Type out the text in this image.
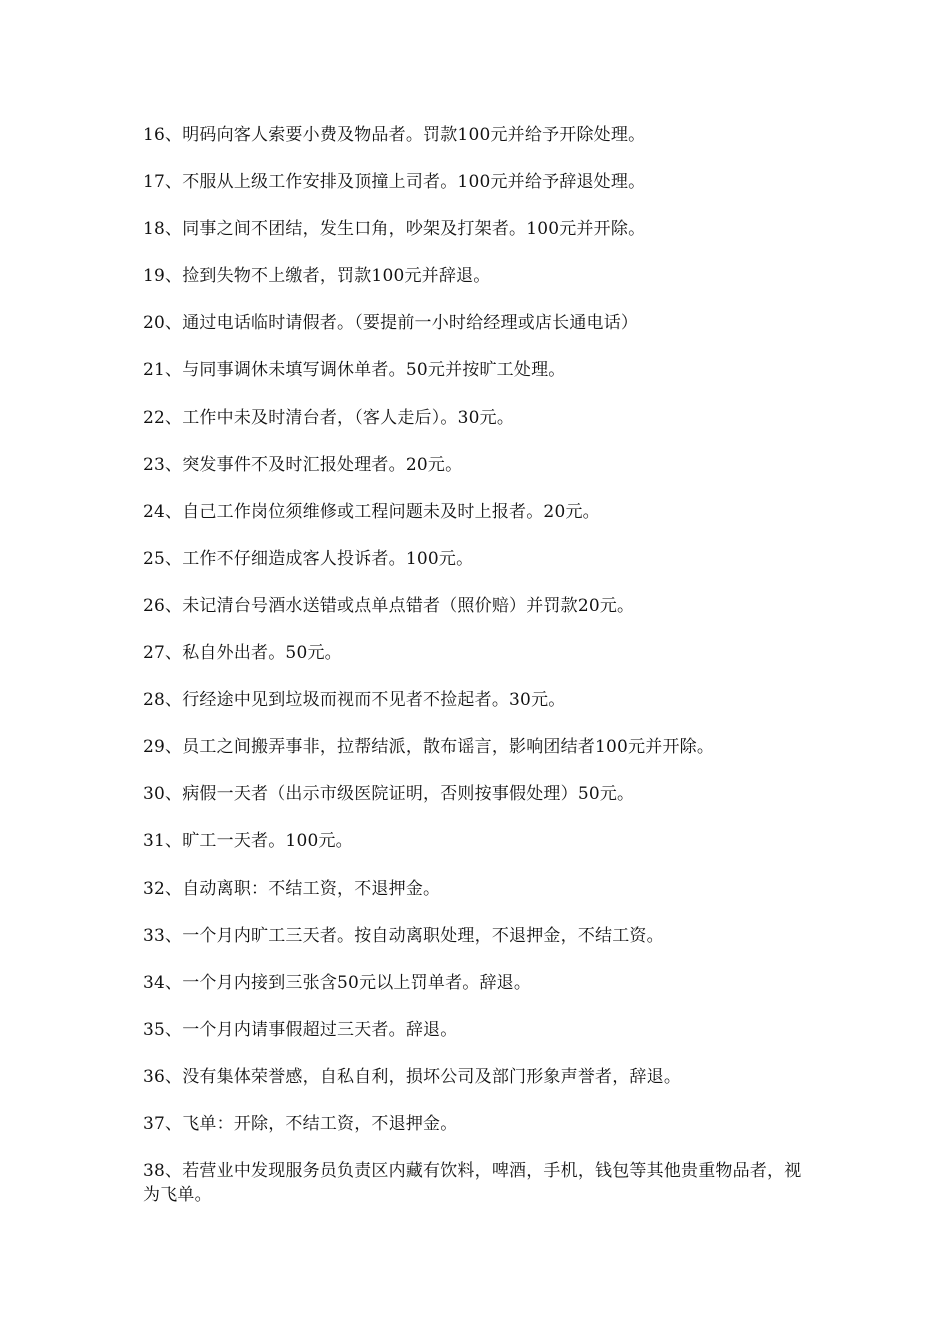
16、明码向客人索要小费及物品者。罚款100元并给予开除处理。
17、不服从上级工作安排及顶撞上司者。100元并给予辞退处理。
18、同事之间不团结，发生口角，吵架及打架者。100元并开除。
19、捡到失物不上缴者，罚款100元并辞退。
20、通过电话临时请假者。（要提前一小时给经理或店长通电话）
21、与同事调休未填写调休单者。50元并按旷工处理。
22、工作中未及时清台者，（客人走后）。30元。
23、突发事件不及时汇报处理者。20元。
24、自己工作岗位须维修或工程问题未及时上报者。20元。
25、工作不仔细造成客人投诉者。100元。
26、未记清台号酒水送错或点单点错者（照价赔）并罚款20元。
27、私自外出者。50元。
28、行经途中见到垃圾而视而不见者不捡起者。30元。
29、员工之间搬弄事非，拉帮结派，散布谣言，影响团结者100元并开除。
30、病假一天者（出示市级医院证明，否则按事假处理）50元。
31、旷工一天者。100元。
32、自动离职：不结工资，不退押金。
33、一个月内旷工三天者。按自动离职处理，不退押金，不结工资。
34、一个月内接到三张含50元以上罚单者。辞退。
35、一个月内请事假超过三天者。辞退。
36、没有集体荣誉感，自私自利，损坏公司及部门形象声誉者，辞退。
37、飞单：开除，不结工资，不退押金。
38、若营业中发现服务员负责区内藏有饮料，啤酒，手机，钱包等其他贵重物品者，视为飞单。
